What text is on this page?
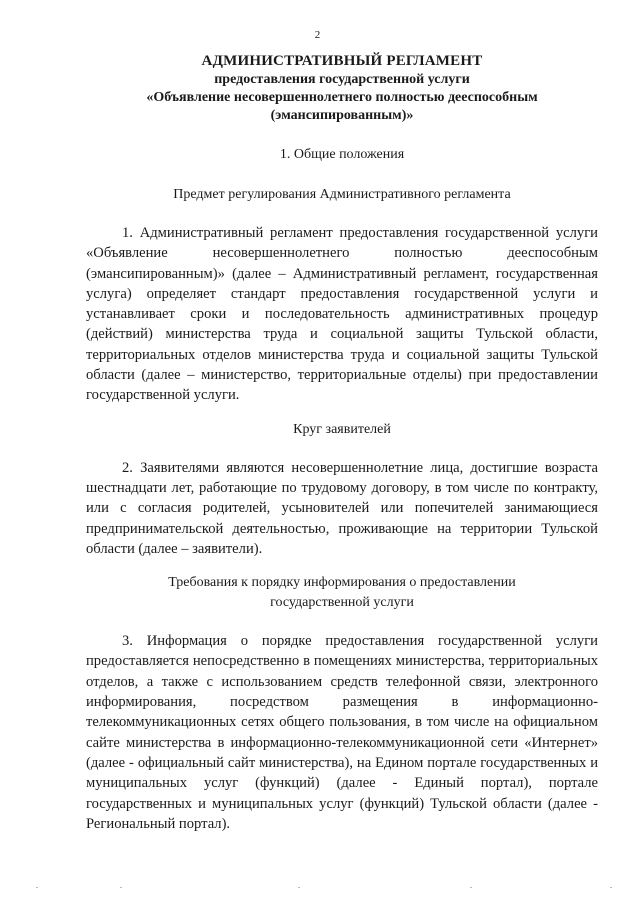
2
АДМИНИСТРАТИВНЫЙ РЕГЛАМЕНТ
предоставления государственной услуги
«Объявление несовершеннолетнего полностью дееспособным
(эмансипированным)»
1. Общие положения
Предмет регулирования Административного регламента

1. Административный регламент предоставления государственной услуги «Объявление несовершеннолетнего полностью дееспособным (эмансипированным)» (далее – Административный регламент, государственная услуга) определяет стандарт предоставления государственной услуги и устанавливает сроки и последовательность административных процедур (действий) министерства труда и социальной защиты Тульской области, территориальных отделов министерства труда и социальной защиты Тульской области (далее – министерство, территориальные отделы) при предоставлении государственной услуги.

Круг заявителей

2. Заявителями являются несовершеннолетние лица, достигшие возраста шестнадцати лет, работающие по трудовому договору, в том числе по контракту, или с согласия родителей, усыновителей или попечителей занимающиеся предпринимательской деятельностью, проживающие на территории Тульской области (далее – заявители).

Требования к порядку информирования о предоставлении
государственной услуги

3. Информация о порядке предоставления государственной услуги предоставляется непосредственно в помещениях министерства, территориальных отделов, а также с использованием средств телефонной связи, электронного информирования, посредством размещения в информационно-телекоммуникационных сетях общего пользования, в том числе на официальном сайте министерства в информационно-телекоммуникационной сети «Интернет» (далее - официальный сайт министерства), на Едином портале государственных и муниципальных услуг (функций) (далее - Единый портал), портале государственных и муниципальных услуг (функций) Тульской области (далее - Региональный портал).
